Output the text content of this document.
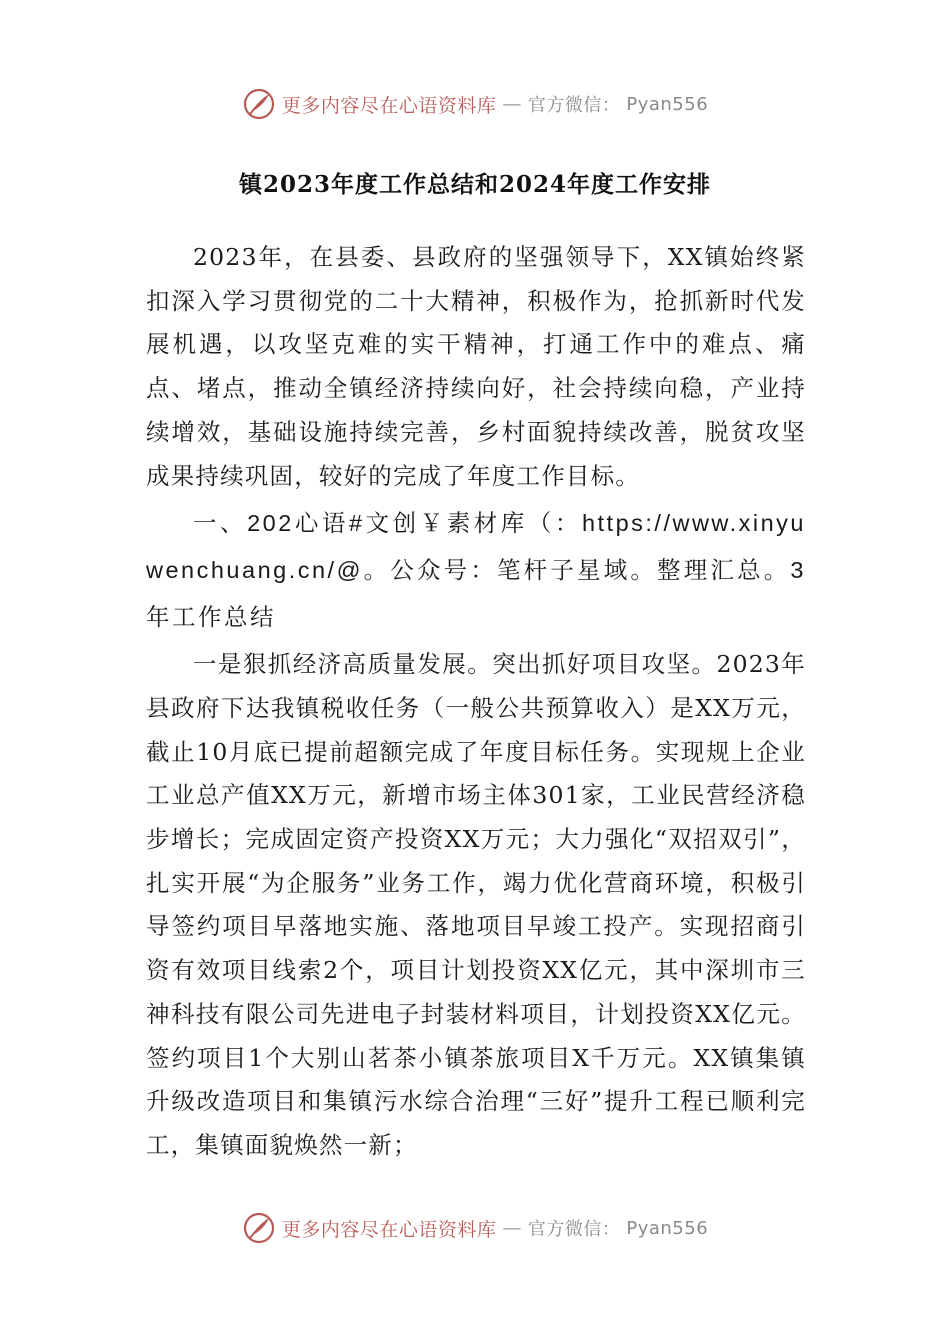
更多内容尽在心语资料库 — 官方微信： Pyan556
镇2023年度工作总结和2024年度工作安排

2023年，在县委、县政府的坚强领导下，XX镇始终紧扣深入学习贯彻党的二十大精神，积极作为，抢抓新时代发展机遇，以攻坚克难的实干精神，打通工作中的难点、痛点、堵点，推动全镇经济持续向好，社会持续向稳，产业持续增效，基础设施持续完善，乡村面貌持续改善，脱贫攻坚成果持续巩固，较好的完成了年度工作目标。

一、202心语#文创￥素材库（：https://www.xinyuwenchuang.cn/@。公众号：笔杆子星域。整理汇总。3年工作总结

一是狠抓经济高质量发展。突出抓好项目攻坚。2023年县政府下达我镇税收任务（一般公共预算收入）是XX万元，截止10月底已提前超额完成了年度目标任务。实现规上企业工业总产值XX万元，新增市场主体301家，工业民营经济稳步增长；完成固定资产投资XX万元；大力强化“双招双引”，扎实开展“为企服务”业务工作，竭力优化营商环境，积极引导签约项目早落地实施、落地项目早竣工投产。实现招商引资有效项目线索2个，项目计划投资XX亿元，其中深圳市三神科技有限公司先进电子封装材料项目，计划投资XX亿元。签约项目1个大别山茗茶小镇茶旅项目X千万元。XX镇集镇升级改造项目和集镇污水综合治理“三好”提升工程已顺利完工，集镇面貌焕然一新；

更多内容尽在心语资料库 — 官方微信： Pyan556
